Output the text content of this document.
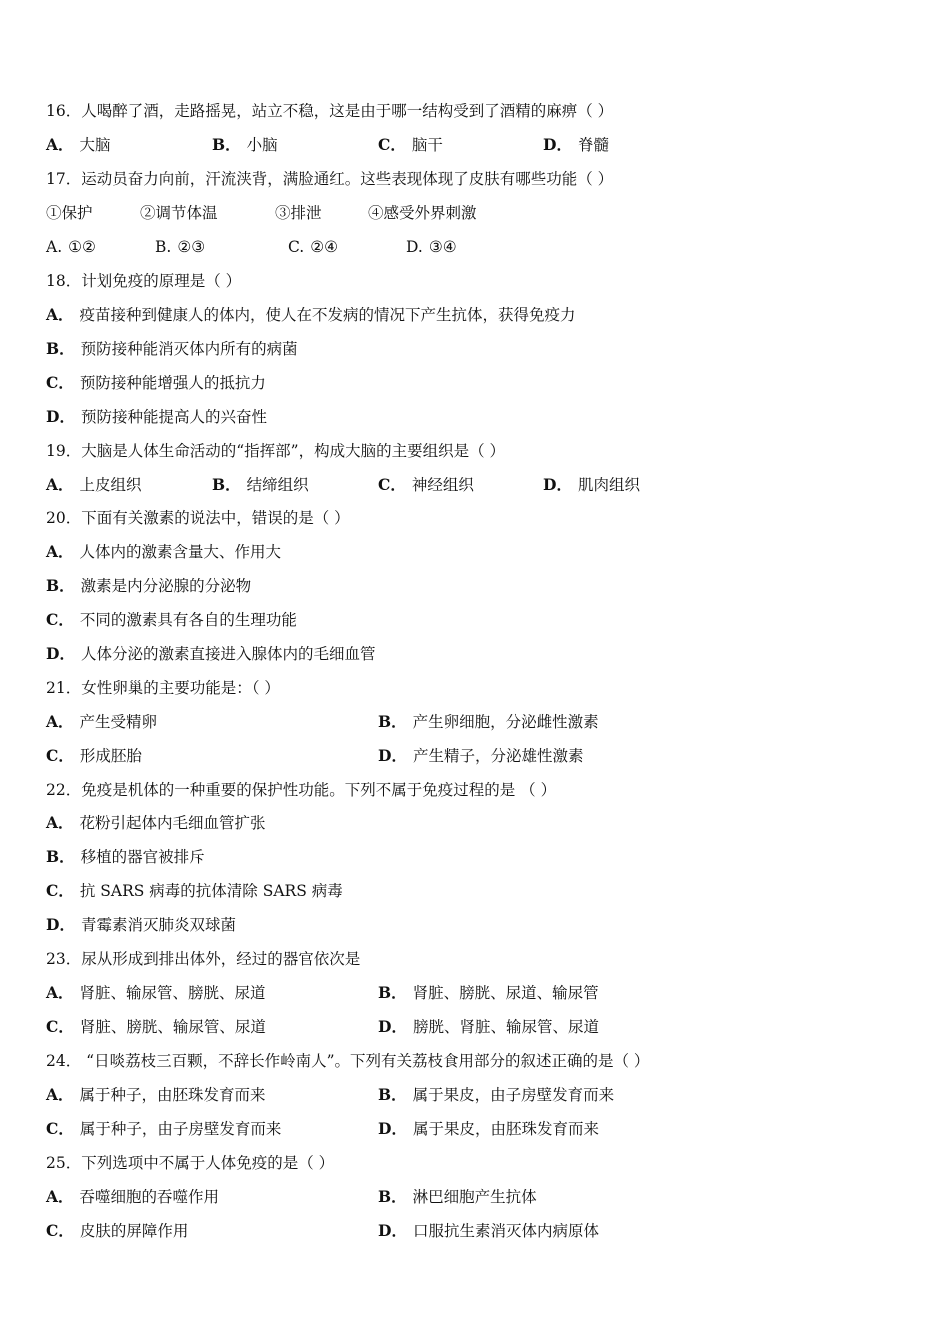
16．人喝醉了酒，走路摇晃，站立不稳，这是由于哪一结构受到了酒精的麻痹（ ）
A． 大脑	B． 小脑	C． 脑干	D． 脊髓
17．运动员奋力向前，汗流浃背，满脸通红。这些表现体现了皮肤有哪些功能（ ）
①保护	②调节体温	③排泄	④感受外界刺激
A. ①②	B. ②③	C. ②④	D. ③④
18．计划免疫的原理是（ ）
A． 疫苗接种到健康人的体内，使人在不发病的情况下产生抗体，获得免疫力
B． 预防接种能消灭体内所有的病菌
C． 预防接种能增强人的抵抗力
D． 预防接种能提高人的兴奋性
19．大脑是人体生命活动的“指挥部”，构成大脑的主要组织是（ ）
A． 上皮组织	B． 结缔组织	C． 神经组织	D． 肌肉组织
20．下面有关激素的说法中，错误的是（ ）
A． 人体内的激素含量大、作用大
B． 激素是内分泌腺的分泌物
C． 不同的激素具有各自的生理功能
D． 人体分泌的激素直接进入腺体内的毛细血管
21．女性卵巢的主要功能是：（ ）
A． 产生受精卵	B． 产生卵细胞，分泌雌性激素
C． 形成胚胎	D． 产生精子，分泌雄性激素
22．免疫是机体的一种重要的保护性功能。下列不属于免疫过程的是 （ ）
A． 花粉引起体内毛细血管扩张
B． 移植的器官被排斥
C． 抗 SARS 病毒的抗体清除 SARS 病毒
D． 青霉素消灭肺炎双球菌
23．尿从形成到排出体外，经过的器官依次是
A． 肾脏、输尿管、膀胱、尿道	B． 肾脏、膀胱、尿道、输尿管
C． 肾脏、膀胱、输尿管、尿道	D． 膀胱、肾脏、输尿管、尿道
24． “日啖荔枝三百颗，不辞长作岭南人”。下列有关荔枝食用部分的叙述正确的是（ ）
A． 属于种子，由胚珠发育而来	B． 属于果皮，由子房壁发育而来
C． 属于种子，由子房壁发育而来	D． 属于果皮，由胚珠发育而来
25．下列选项中不属于人体免疫的是（ ）
A． 吞噬细胞的吞噬作用	B． 淋巴细胞产生抗体
C． 皮肤的屏障作用	D． 口服抗生素消灭体内病原体
